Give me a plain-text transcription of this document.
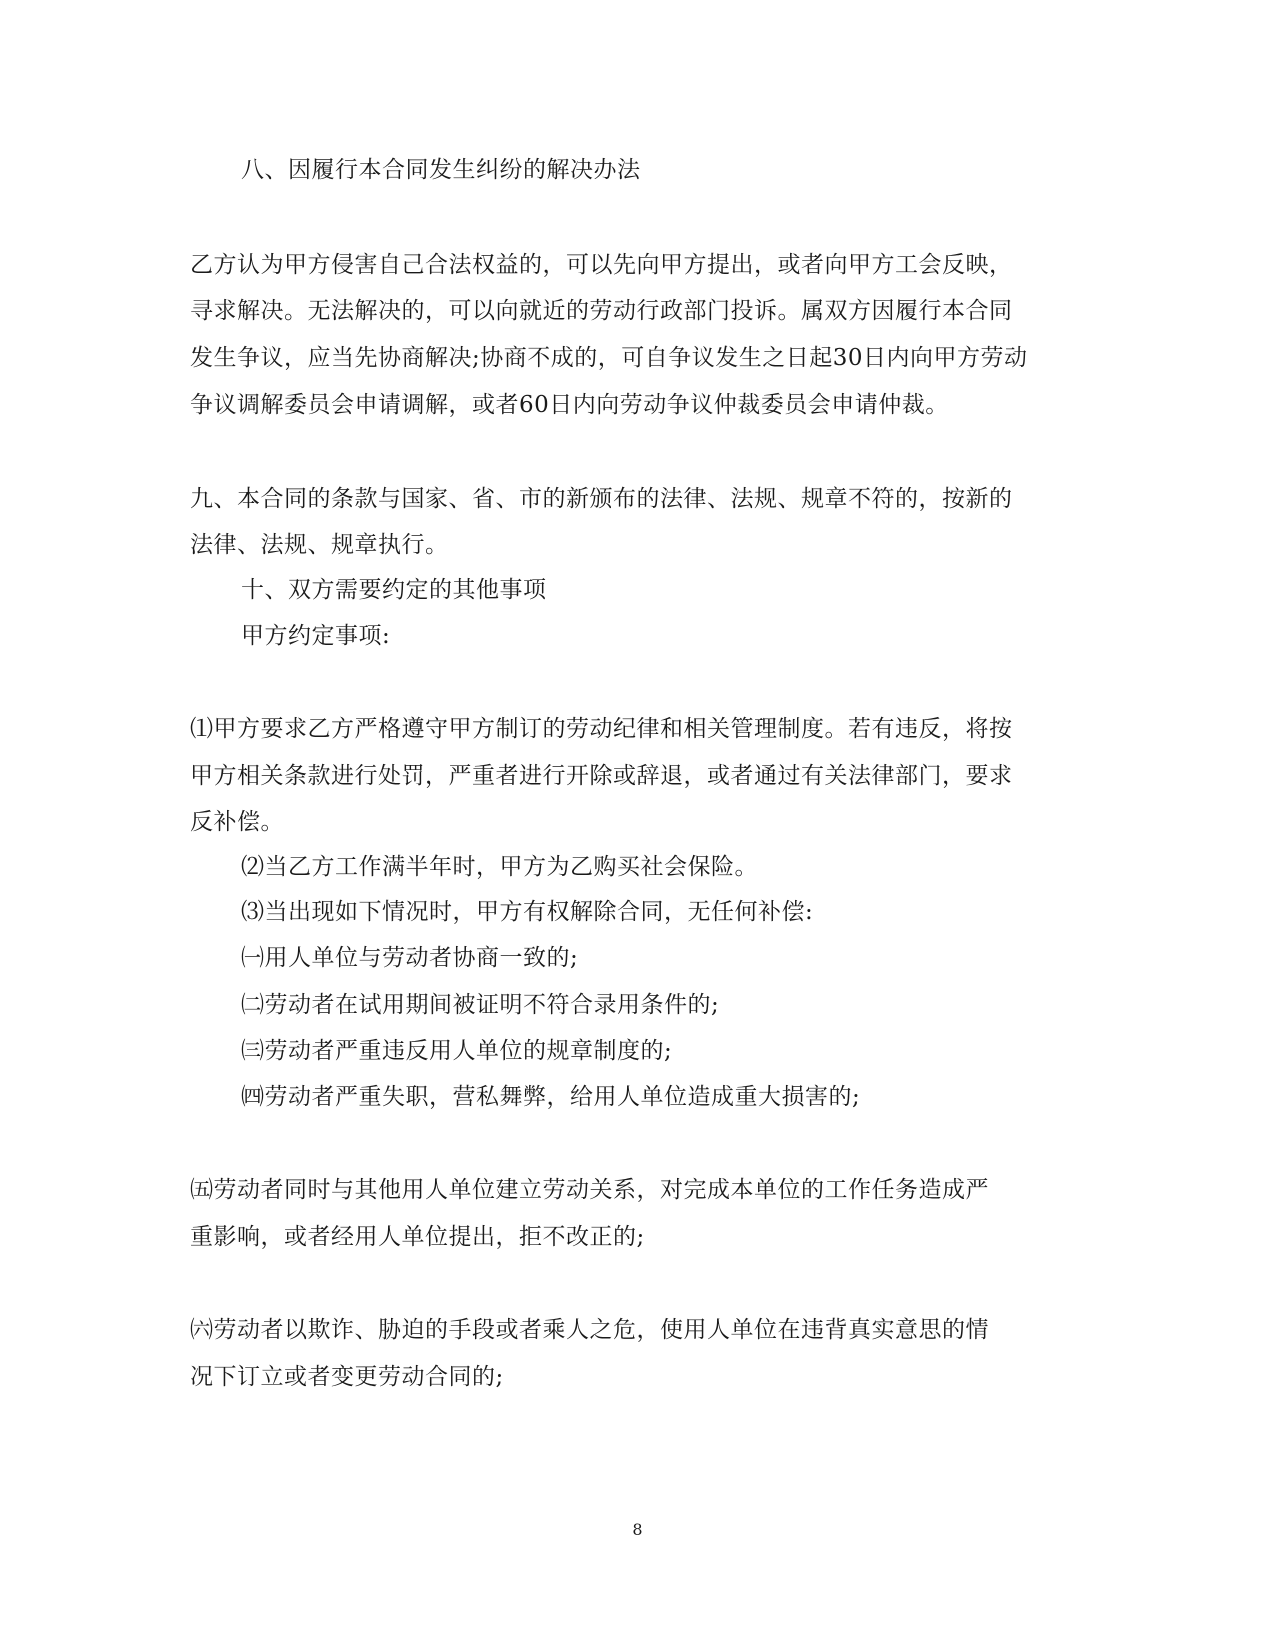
八、因履行本合同发生纠纷的解决办法
乙方认为甲方侵害自己合法权益的，可以先向甲方提出，或者向甲方工会反映，
寻求解决。无法解决的，可以向就近的劳动行政部门投诉。属双方因履行本合同
发生争议，应当先协商解决;协商不成的，可自争议发生之日起30日内向甲方劳动
争议调解委员会申请调解，或者60日内向劳动争议仲裁委员会申请仲裁。
九、本合同的条款与国家、省、市的新颁布的法律、法规、规章不符的，按新的
法律、法规、规章执行。
十、双方需要约定的其他事项
甲方约定事项:
⑴甲方要求乙方严格遵守甲方制订的劳动纪律和相关管理制度。若有违反，将按
甲方相关条款进行处罚，严重者进行开除或辞退，或者通过有关法律部门，要求
反补偿。
⑵当乙方工作满半年时，甲方为乙购买社会保险。
⑶当出现如下情况时，甲方有权解除合同，无任何补偿:
㈠用人单位与劳动者协商一致的;
㈡劳动者在试用期间被证明不符合录用条件的;
㈢劳动者严重违反用人单位的规章制度的;
㈣劳动者严重失职，营私舞弊，给用人单位造成重大损害的;
㈤劳动者同时与其他用人单位建立劳动关系，对完成本单位的工作任务造成严
重影响，或者经用人单位提出，拒不改正的;
㈥劳动者以欺诈、胁迫的手段或者乘人之危，使用人单位在违背真实意思的情
况下订立或者变更劳动合同的;
8
